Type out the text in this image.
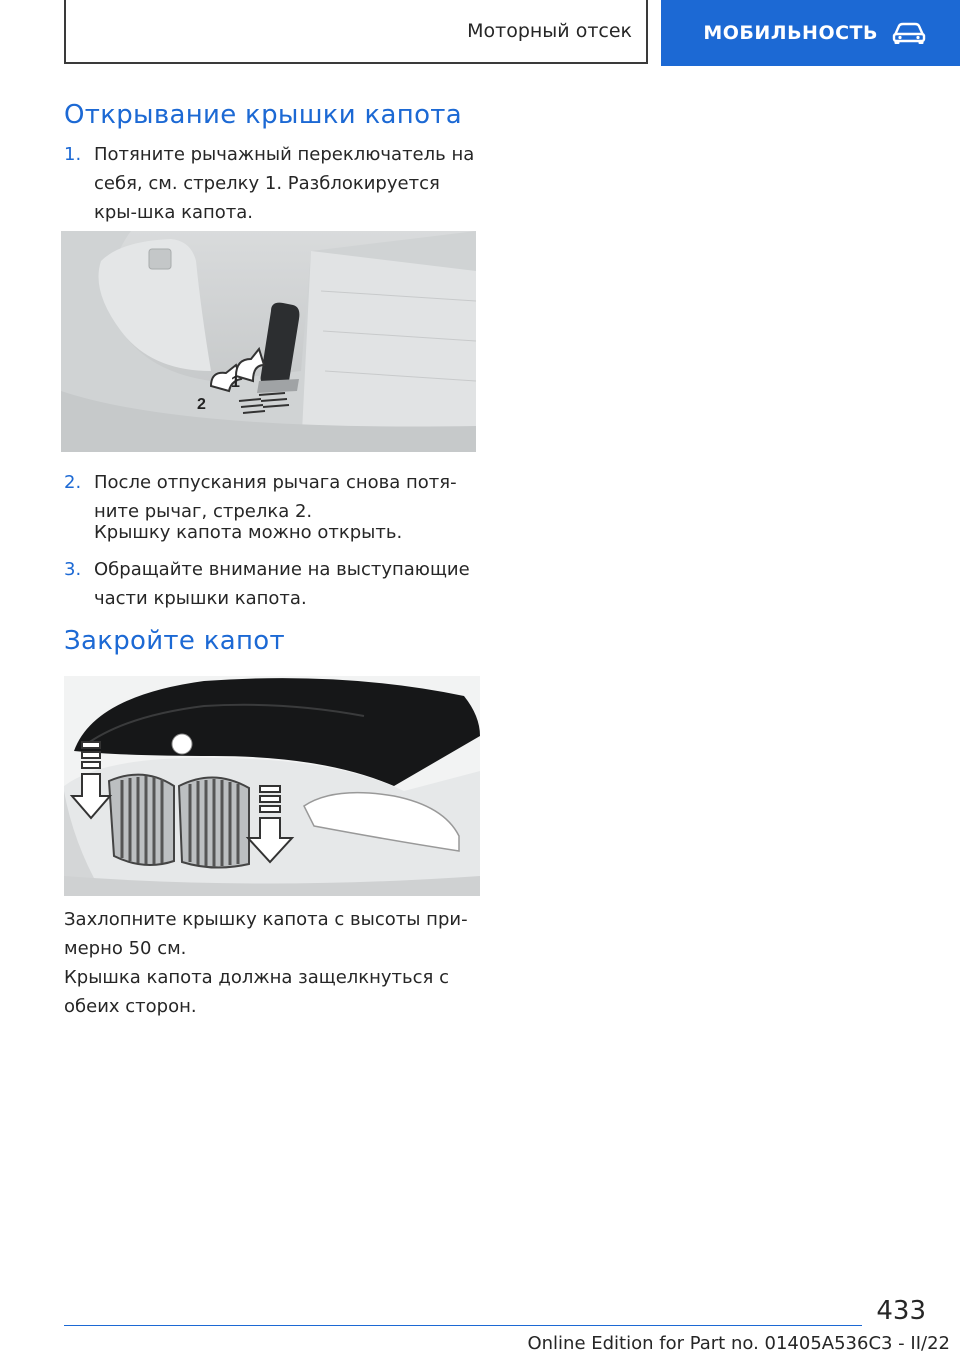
Моторный отсек	МОБИЛЬНОСТЬ
Открывание крышки капота
1. Потяните рычажный переключатель на себя, см. стрелку 1. Разблокируется кры-шка капота.
2
1
2. После отпускания рычага снова потя-ните рычаг, стрелка 2.
Крышку капота можно открыть.
3. Обращайте внимание на выступающие части крышки капота.
Закройте капот
Захлопните крышку капота с высоты при-мерно 50 см.
Крышка капота должна защелкнуться с обеих сторон.
433
Online Edition for Part no. 01405A536C3 - II/22
